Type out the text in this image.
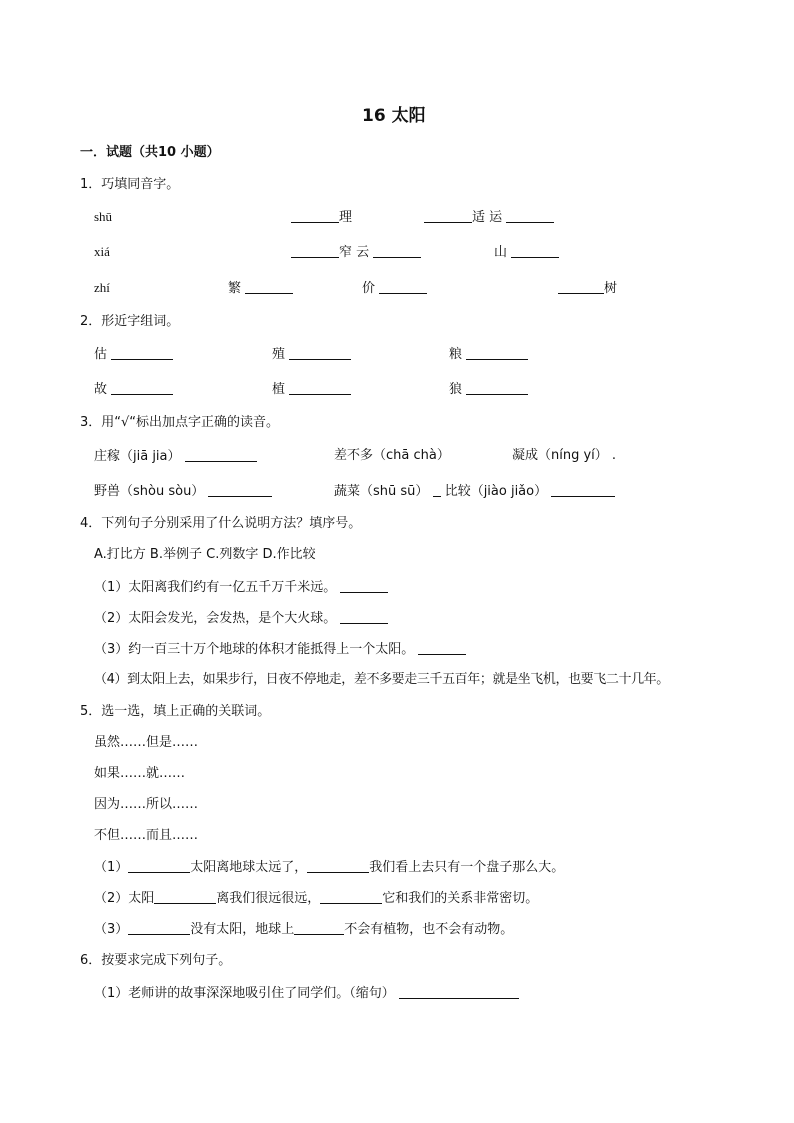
16 太阳
一．试题（共10 小题）
1．巧填同音字。
shū	理	适 运
xiá	窄 云	山
zhí	繁	价	树
2．形近字组词。
估	殖	粮
故	植	狼
3．用“√“标出加点字正确的读音。
庄稼（jiā jia）	差不多（chā chà）	凝成（níng yí） .
野兽（shòu sòu）	蔬菜（shū sū） 比较（jiào jiǎo）
4．下列句子分别采用了什么说明方法？填序号。
A.打比方 B.举例子 C.列数字 D.作比较
（1）太阳离我们约有一亿五千万千米远。
（2）太阳会发光，会发热，是个大火球。
（3）约一百三十万个地球的体积才能抵得上一个太阳。
（4）到太阳上去，如果步行，日夜不停地走，差不多要走三千五百年；就是坐飞机，也要飞二十几年。
5．选一选，填上正确的关联词。
虽然……但是……
如果……就……
因为……所以……
不但……而且……
（1）	太阳离地球太远了，	我们看上去只有一个盘子那么大。
（2）太阳	离我们很远很远，	它和我们的关系非常密切。
（3）	没有太阳，地球上	不会有植物，也不会有动物。
6．按要求完成下列句子。
（1）老师讲的故事深深地吸引住了同学们。（缩句）
